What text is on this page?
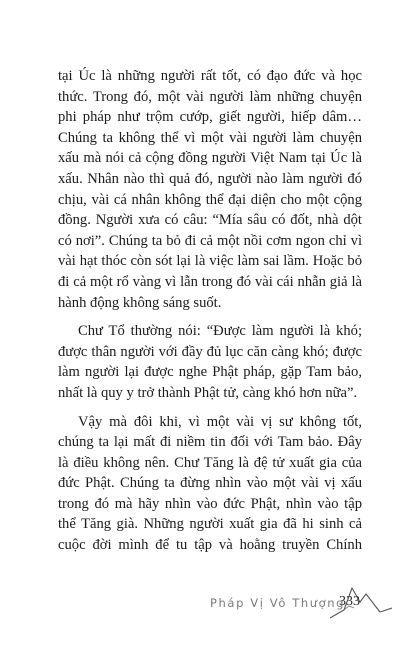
tại Úc là những người rất tốt, có đạo đức và học
thức. Trong đó, một vài người làm những chuyện
phi pháp như trộm cướp, giết người, hiếp dâm…
Chúng ta không thể vì một vài người làm chuyện
xấu mà nói cả cộng đồng người Việt Nam tại Úc là
xấu. Nhân nào thì quả đó, người nào làm người đó
chịu, vài cá nhân không thể đại diện cho một cộng
đồng. Người xưa có câu: “Mía sâu có đốt, nhà dột
có nơi”. Chúng ta bỏ đi cả một nồi cơm ngon chỉ vì
vài hạt thóc còn sót lại là việc làm sai lầm. Hoặc bỏ
đi cả một rổ vàng vì lẫn trong đó vài cái nhẫn giả là
hành động không sáng suốt.
Chư Tổ thường nói: “Được làm người là khó;
được thân người với đầy đủ lục căn càng khó; được
làm người lại được nghe Phật pháp, gặp Tam bảo,
nhất là quy y trở thành Phật tử, càng khó hơn nữa”.
Vậy mà đôi khi, vì một vài vị sư không tốt,
chúng ta lại mất đi niềm tin đối với Tam bảo. Đây
là điều không nên. Chư Tăng là đệ tử xuất gia của
đức Phật. Chúng ta đừng nhìn vào một vài vị xấu
trong đó mà hãy nhìn vào đức Phật, nhìn vào tập
thể Tăng già. Những người xuất gia đã hi sinh cả
cuộc đời mình để tu tập và hoằng truyền Chính
Pháp Vị Vô Thượng
333
